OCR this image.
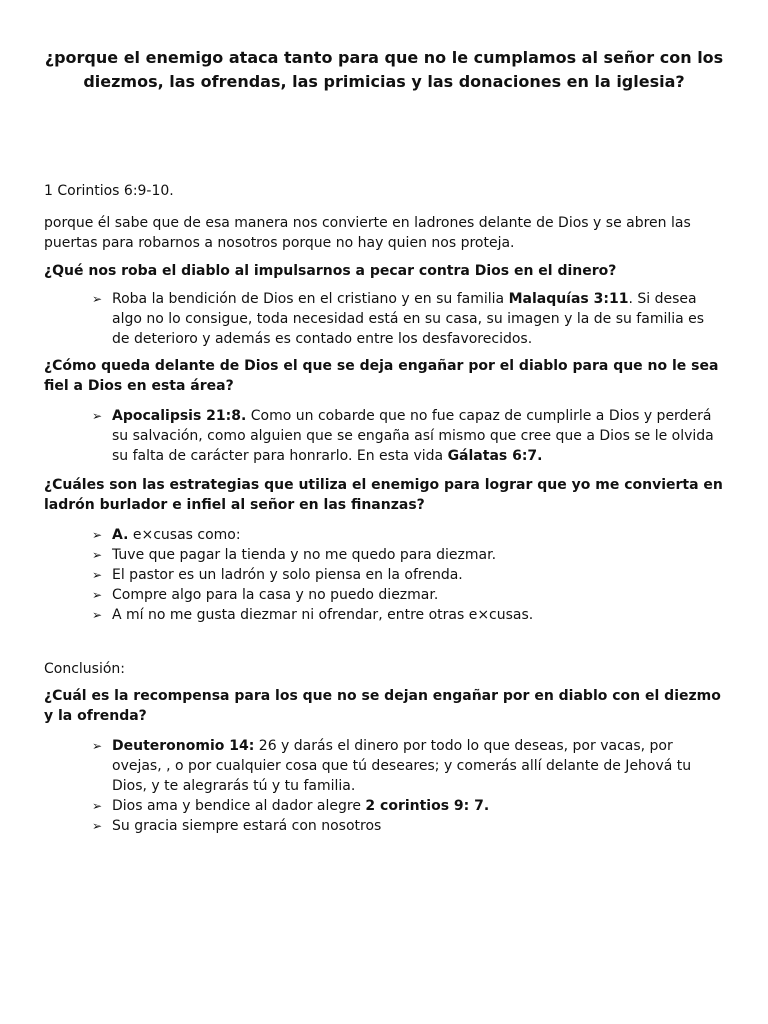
¿porque el enemigo ataca tanto para que no le cumplamos al señor con los diezmos, las ofrendas, las primicias y las donaciones en la iglesia?

1 Corintios 6:9-10.

porque él sabe que de esa manera nos convierte en ladrones delante de Dios y se abren las puertas para robarnos a nosotros porque no hay quien nos proteja.

¿Qué nos roba el diablo al impulsarnos a pecar contra Dios en el dinero?

➢ Roba la bendición de Dios en el cristiano y en su familia Malaquías 3:11. Si desea algo no lo consigue, toda necesidad está en su casa, su imagen y la de su familia es de deterioro y además es contado entre los desfavorecidos.

¿Cómo queda delante de Dios el que se deja engañar por el diablo para que no le sea fiel a Dios en esta área?

➢ Apocalipsis 21:8. Como un cobarde que no fue capaz de cumplirle a Dios y perderá su salvación, como alguien que se engaña así mismo que cree que a Dios se le olvida su falta de carácter para honrarlo. En esta vida Gálatas 6:7.

¿Cuáles son las estrategias que utiliza el enemigo para lograr que yo me convierta en ladrón burlador e infiel al señor en las finanzas?

➢ A. e×cusas como:
➢ Tuve que pagar la tienda y no me quedo para diezmar.
➢ El pastor es un ladrón y solo piensa en la ofrenda.
➢ Compre algo para la casa y no puedo diezmar.
➢ A mí no me gusta diezmar ni ofrendar, entre otras e×cusas.

Conclusión:

¿Cuál es la recompensa para los que no se dejan engañar por en diablo con el diezmo y la ofrenda?

➢ Deuteronomio 14: 26 y darás el dinero por todo lo que deseas, por vacas, por ovejas, , o por cualquier cosa que tú deseares; y comerás allí delante de Jehová tu Dios, y te alegrarás tú y tu familia.
➢ Dios ama y bendice al dador alegre 2 corintios 9: 7.
➢ Su gracia siempre estará con nosotros
